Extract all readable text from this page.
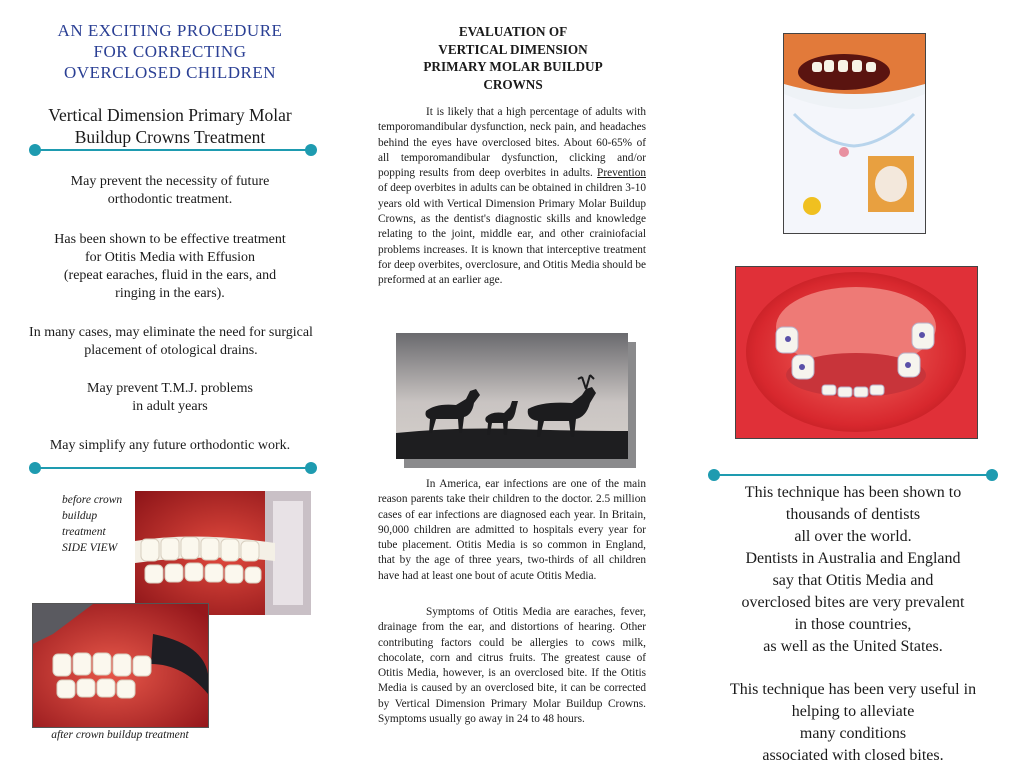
AN EXCITING PROCEDURE
FOR CORRECTING
OVERCLOSED CHILDREN
Vertical Dimension Primary Molar
Buildup Crowns Treatment
May prevent the necessity of future
orthodontic treatment.
Has been shown to be effective treatment
for Otitis Media with Effusion
(repeat earaches, fluid in the ears, and
ringing in the ears).
In many cases, may eliminate the need for surgical
placement of otological drains.
May prevent T.M.J. problems
in adult years
May simplify any future orthodontic work.
before crown
buildup
treatment
SIDE VIEW
after crown buildup treatment
EVALUATION OF
VERTICAL DIMENSION
PRIMARY MOLAR BUILDUP
CROWNS
It is likely that a high percentage of adults with temporomandibular dysfunction, neck pain, and headaches behind the eyes have overclosed bites. About 60-65% of all temporomandibular dysfunction, clicking and/or popping results from deep overbites in adults. Prevention of deep overbites in adults can be obtained in children 3-10 years old with Vertical Dimension Primary Molar Buildup Crowns, as the dentist's diagnostic skills and knowledge relating to the joint, middle ear, and other crainiofacial problems increases. It is known that interceptive treatment for deep overbites, overclosure, and Otitis Media should be preformed at an earlier age.
In America, ear infections are one of the main reason parents take their children to the doctor. 2.5 million cases of ear infections are diagnosed each year. In Britain, 90,000 children are admitted to hospitals every year for tube placement. Otitis Media is so common in England, that by the age of three years, two-thirds of all children have had at least one bout of acute Otitis Media.
Symptoms of Otitis Media are earaches, fever, drainage from the ear, and distortions of hearing. Other contributing factors could be allergies to cows milk, chocolate, corn and citrus fruits. The greatest cause of Otitis Media, however, is an overclosed bite. If the Otitis Media is caused by an overclosed bite, it can be corrected by Vertical Dimension Primary Molar Buildup Crowns. Symptoms usually go away in 24 to 48 hours.
This technique has been shown to
thousands of dentists
all over the world.
Dentists in Australia and England
say that Otitis Media and
overclosed bites are very prevalent
in those countries,
as well as the United States.
This technique has been very useful in
helping to alleviate
many conditions
associated with closed bites.
